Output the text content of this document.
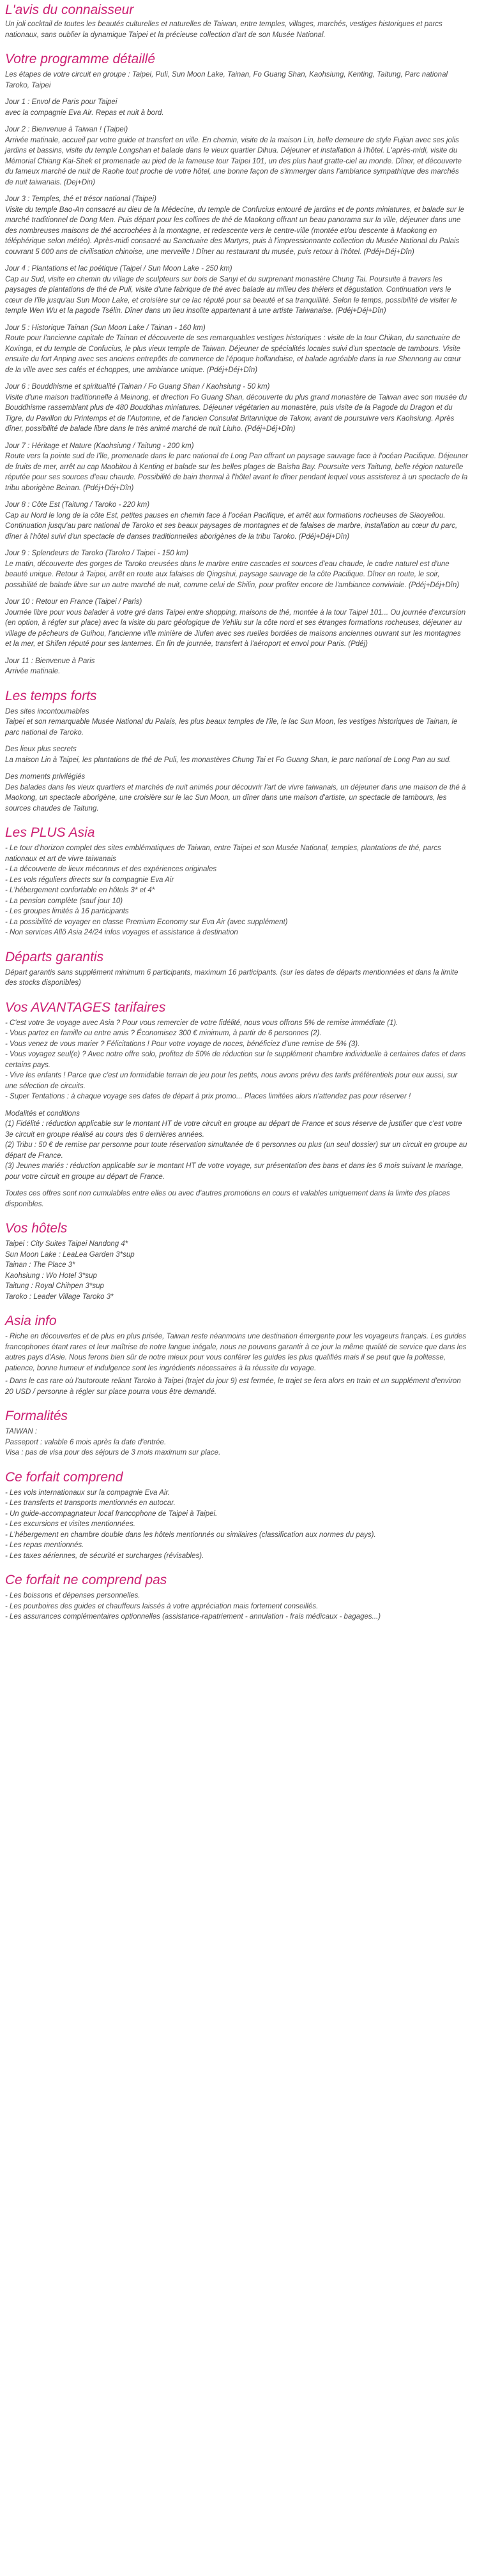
L'avis du connaisseur

Un joli cocktail de toutes les beautés culturelles et naturelles de Taiwan, entre temples, villages, marchés, vestiges historiques et parcs nationaux, sans oublier la dynamique Taipei et la précieuse collection d'art de son Musée National.

Votre programme détaillé

Les étapes de votre circuit en groupe : Taipei, Puli, Sun Moon Lake, Tainan, Fo Guang Shan, Kaohsiung, Kenting, Taitung, Parc national Taroko, Taipei

Jour 1 : Envol de Paris pour Taipei

avec la compagnie Eva Air. Repas et nuit à bord.

Jour 2 : Bienvenue à Taiwan ! (Taipei)

Arrivée matinale, accueil par votre guide et transfert en ville. En chemin, visite de la maison Lin, belle demeure de style Fujian avec ses jolis jardins et bassins, visite du temple Longshan et balade dans le vieux quartier Dihua. Déjeuner et installation à l'hôtel. L'après-midi, visite du Mémorial Chiang Kai-Shek et promenade au pied de la fameuse tour Taipei 101, un des plus haut gratte-ciel au monde. Dîner, et découverte du fameux marché de nuit de Raohe tout proche de votre hôtel, une bonne façon de s'immerger dans l'ambiance sympathique des marchés de nuit taiwanais. (Dej+Din)

Jour 3 : Temples, thé et trésor national (Taipei)

Visite du temple Bao-An consacré au dieu de la Médecine, du temple de Confucius entouré de jardins et de ponts miniatures, et balade sur le marché traditionnel de Dong Men. Puis départ pour les collines de thé de Maokong offrant un beau panorama sur la ville, déjeuner dans une des nombreuses maisons de thé accrochées à la montagne, et redescente vers le centre-ville (montée et/ou descente à Maokong en téléphérique selon météo). Après-midi consacré au Sanctuaire des Martyrs, puis à l'impressionnante collection du Musée National du Palais couvrant 5 000 ans de civilisation chinoise, une merveille ! Dîner au restaurant du musée, puis retour à l'hôtel. (Pdéj+Déj+Dîn)

Jour 4 : Plantations et lac poétique (Taipei / Sun Moon Lake - 250 km)

Cap au Sud, visite en chemin du village de sculpteurs sur bois de Sanyi et du surprenant monastère Chung Tai. Poursuite à travers les paysages de plantations de thé de Puli, visite d'une fabrique de thé avec balade au milieu des théiers et dégustation. Continuation vers le cœur de l'île jusqu'au Sun Moon Lake, et croisière sur ce lac réputé pour sa beauté et sa tranquillité. Selon le temps, possibilité de visiter le temple Wen Wu et la pagode Tsélin. Dîner dans un lieu insolite appartenant à une artiste Taiwanaise. (Pdéj+Déj+Dîn)

Jour 5 : Historique Tainan (Sun Moon Lake / Tainan - 160 km)

Route pour l'ancienne capitale de Tainan et découverte de ses remarquables vestiges historiques : visite de la tour Chikan, du sanctuaire de Koxinga, et du temple de Confucius, le plus vieux temple de Taiwan. Déjeuner de spécialités locales suivi d'un spectacle de tambours. Visite ensuite du fort Anping avec ses anciens entrepôts de commerce de l'époque hollandaise, et balade agréable dans la rue Shennong au cœur de la ville avec ses cafés et échoppes, une ambiance unique. (Pdéj+Déj+Dîn)

Jour 6 : Bouddhisme et spiritualité (Tainan / Fo Guang Shan / Kaohsiung - 50 km)

Visite d'une maison traditionnelle à Meinong, et direction Fo Guang Shan, découverte du plus grand monastère de Taiwan avec son musée du Bouddhisme rassemblant plus de 480 Bouddhas miniatures. Déjeuner végétarien au monastère, puis visite de la Pagode du Dragon et du Tigre, du Pavillon du Printemps et de l'Automne, et de l'ancien Consulat Britannique de Takow, avant de poursuivre vers Kaohsiung. Après dîner, possibilité de balade libre dans le très animé marché de nuit Liuho. (Pdéj+Déj+Dîn)

Jour 7 : Héritage et Nature (Kaohsiung / Taitung - 200 km)

Route vers la pointe sud de l'île, promenade dans le parc national de Long Pan offrant un paysage sauvage face à l'océan Pacifique. Déjeuner de fruits de mer, arrêt au cap Maobitou à Kenting et balade sur les belles plages de Baisha Bay. Poursuite vers Taitung, belle région naturelle réputée pour ses sources d'eau chaude. Possibilité de bain thermal à l'hôtel avant le dîner pendant lequel vous assisterez à un spectacle de la tribu aborigène Beinan. (Pdéj+Déj+Dîn)

Jour 8 : Côte Est (Taitung / Taroko - 220 km)

Cap au Nord le long de la côte Est, petites pauses en chemin face à l'océan Pacifique, et arrêt aux formations rocheuses de Siaoyeliou. Continuation jusqu'au parc national de Taroko et ses beaux paysages de montagnes et de falaises de marbre, installation au cœur du parc, dîner à l'hôtel suivi d'un spectacle de danses traditionnelles aborigènes de la tribu Taroko. (Pdéj+Déj+Dîn)

Jour 9 : Splendeurs de Taroko (Taroko / Taipei - 150 km)

Le matin, découverte des gorges de Taroko creusées dans le marbre entre cascades et sources d'eau chaude, le cadre naturel est d'une beauté unique. Retour à Taipei, arrêt en route aux falaises de Qingshui, paysage sauvage de la côte Pacifique. Dîner en route, le soir, possibilité de balade libre sur un autre marché de nuit, comme celui de Shilin, pour profiter encore de l'ambiance conviviale. (Pdéj+Déj+Dîn)

Jour 10 : Retour en France (Taipei / Paris)

Journée libre pour vous balader à votre gré dans Taipei entre shopping, maisons de thé, montée à la tour Taipei 101... Ou journée d'excursion (en option, à régler sur place) avec la visite du parc géologique de Yehliu sur la côte nord et ses étranges formations rocheuses, déjeuner au village de pêcheurs de Guihou, l'ancienne ville minière de Jiufen avec ses ruelles bordées de maisons anciennes ouvrant sur les montagnes et la mer, et Shifen réputé pour ses lanternes. En fin de journée, transfert à l'aéroport et envol pour Paris. (Pdéj)

Jour 11 : Bienvenue à Paris

Arrivée matinale.

Les temps forts

Des sites incontournables

Taipei et son remarquable Musée National du Palais, les plus beaux temples de l'île, le lac Sun Moon, les vestiges historiques de Tainan, le parc national de Taroko.

Des lieux plus secrets

La maison Lin à Taipei, les plantations de thé de Puli, les monastères Chung Tai et Fo Guang Shan, le parc national de Long Pan au sud.

Des moments privilégiés

Des balades dans les vieux quartiers et marchés de nuit animés pour découvrir l'art de vivre taiwanais, un déjeuner dans une maison de thé à Maokong, un spectacle aborigène, une croisière sur le lac Sun Moon, un dîner dans une maison d'artiste, un spectacle de tambours, les sources chaudes de Taitung.

Les PLUS Asia

- Le tour d'horizon complet des sites emblématiques de Taiwan, entre Taipei et son Musée National, temples, plantations de thé, parcs nationaux et art de vivre taiwanais

- La découverte de lieux méconnus et des expériences originales

- Les vols réguliers directs sur la compagnie Eva Air

- L'hébergement confortable en hôtels 3* et 4*

- La pension complète (sauf jour 10)

- Les groupes limités à 16 participants

- La possibilité de voyager en classe Premium Economy sur Eva Air (avec supplément)

- Non services Allô Asia 24/24 infos voyages et assistance à destination

Départs garantis

Départ garantis sans supplément minimum 6 participants, maximum 16 participants. (sur les dates de départs mentionnées et dans la limite des stocks disponibles)

Vos AVANTAGES tarifaires

- C'est votre 3e voyage avec Asia ? Pour vous remercier de votre fidélité, nous vous offrons 5% de remise immédiate (1).

- Vous partez en famille ou entre amis ? Économisez 300 € minimum, à partir de 6 personnes (2).

- Vous venez de vous marier ? Félicitations ! Pour votre voyage de noces, bénéficiez d'une remise de 5% (3).

- Vous voyagez seul(e) ? Avec notre offre solo, profitez de 50% de réduction sur le supplément chambre individuelle à certaines dates et dans certains pays.

- Vive les enfants ! Parce que c'est un formidable terrain de jeu pour les petits, nous avons prévu des tarifs préférentiels pour eux aussi, sur une sélection de circuits.

- Super Tentations : à chaque voyage ses dates de départ à prix promo... Places limitées alors n'attendez pas pour réserver !

Modalités et conditions

(1) Fidélité : réduction applicable sur le montant HT de votre circuit en groupe au départ de France et sous réserve de justifier que c'est votre 3e circuit en groupe réalisé au cours des 6 dernières années.

(2) Tribu : 50 € de remise par personne pour toute réservation simultanée de 6 personnes ou plus (un seul dossier) sur un circuit en groupe au départ de France.

(3) Jeunes mariés : réduction applicable sur le montant HT de votre voyage, sur présentation des bans et dans les 6 mois suivant le mariage, pour votre circuit en groupe au départ de France.

Toutes ces offres sont non cumulables entre elles ou avec d'autres promotions en cours et valables uniquement dans la limite des places disponibles.

Vos hôtels

Taipei : City Suites Taipei Nandong 4*

Sun Moon Lake : LeaLea Garden 3*sup

Tainan : The Place 3*

Kaohsiung : Wo Hotel 3*sup

Taitung : Royal Chihpen 3*sup

Taroko : Leader Village Taroko 3*

Asia info

- Riche en découvertes et de plus en plus prisée, Taiwan reste néanmoins une destination émergente pour les voyageurs français. Les guides francophones étant rares et leur maîtrise de notre langue inégale, nous ne pouvons garantir à ce jour la même qualité de service que dans les autres pays d'Asie. Nous ferons bien sûr de notre mieux pour vous conférer les guides les plus qualifiés mais il se peut que la politesse, patience, bonne humeur et indulgence sont les ingrédients nécessaires à la réussite du voyage.

- Dans le cas rare où l'autoroute reliant Taroko à Taipei (trajet du jour 9) est fermée, le trajet se fera alors en train et un supplément d'environ 20 USD / personne à régler sur place pourra vous être demandé.

Formalités

TAIWAN :

Passeport : valable 6 mois après la date d'entrée.

Visa : pas de visa pour des séjours de 3 mois maximum sur place.

Ce forfait comprend

- Les vols internationaux sur la compagnie Eva Air.

- Les transferts et transports mentionnés en autocar.

- Un guide-accompagnateur local francophone de Taipei à Taipei.

- Les excursions et visites mentionnées.

- L'hébergement en chambre double dans les hôtels mentionnés ou similaires (classification aux normes du pays).

- Les repas mentionnés.

- Les taxes aériennes, de sécurité et surcharges (révisables).

Ce forfait ne comprend pas

- Les boissons et dépenses personnelles.

- Les pourboires des guides et chauffeurs laissés à votre appréciation mais fortement conseillés.

- Les assurances complémentaires optionnelles (assistance-rapatriement - annulation - frais médicaux - bagages...)
